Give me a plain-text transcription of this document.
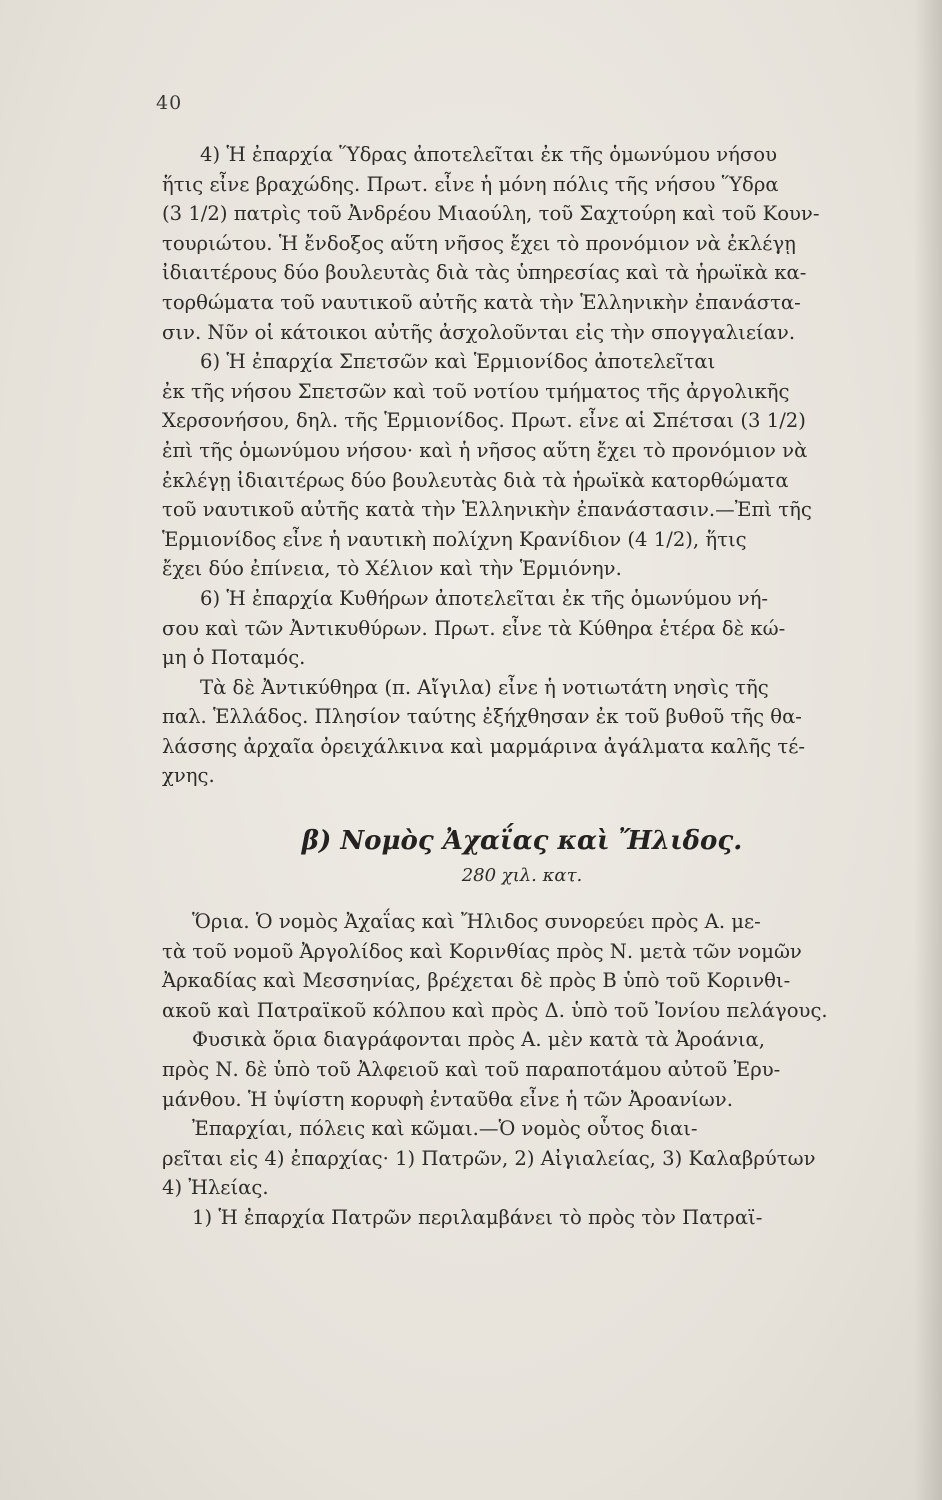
40
4) Ἡ ἐπαρχία Ὕδρας ἀποτελεῖται ἐκ τῆς ὁμωνύμου νήσου
ἥτις εἶνε βραχώδης. Πρωτ. εἶνε ἡ μόνη πόλις τῆς νήσου Ὕδρα
(3 1/2) πατρὶς τοῦ Ἀνδρέου Μιαούλη, τοῦ Σαχτούρη καὶ τοῦ Κουν-
τουριώτου. Ἡ ἔνδοξος αὕτη νῆσος ἔχει τὸ προνόμιον νὰ ἐκλέγῃ
ἰδιαιτέρους δύο βουλευτὰς διὰ τὰς ὑπηρεσίας καὶ τὰ ἡρωϊκὰ κα-
τορθώματα τοῦ ναυτικοῦ αὐτῆς κατὰ τὴν Ἑλληνικὴν ἐπανάστα-
σιν. Νῦν οἱ κάτοικοι αὐτῆς ἀσχολοῦνται εἰς τὴν σπογγαλιείαν.
6) Ἡ ἐπαρχία Σπετσῶν καὶ Ἑρμιονίδος ἀποτελεῖται
ἐκ τῆς νήσου Σπετσῶν καὶ τοῦ νοτίου τμήματος τῆς ἀργολικῆς
Χερσονήσου, δηλ. τῆς Ἑρμιονίδος. Πρωτ. εἶνε αἱ Σπέτσαι (3 1/2)
ἐπὶ τῆς ὁμωνύμου νήσου· καὶ ἡ νῆσος αὕτη ἔχει τὸ προνόμιον νὰ
ἐκλέγῃ ἰδιαιτέρως δύο βουλευτὰς διὰ τὰ ἡρωϊκὰ κατορθώματα
τοῦ ναυτικοῦ αὐτῆς κατὰ τὴν Ἑλληνικὴν ἐπανάστασιν.—Ἐπὶ τῆς
Ἑρμιονίδος εἶνε ἡ ναυτικὴ πολίχνη Κρανίδιον (4 1/2), ἥτις
ἔχει δύο ἐπίνεια, τὸ Χέλιον καὶ τὴν Ἑρμιόνην.
6) Ἡ ἐπαρχία Κυθήρων ἀποτελεῖται ἐκ τῆς ὁμωνύμου νή-
σου καὶ τῶν Ἀντικυθύρων. Πρωτ. εἶνε τὰ Κύθηρα ἑτέρα δὲ κώ-
μη ὁ Ποταμός.
Τὰ δὲ Ἀντικύθηρα (π. Αἴγιλα) εἶνε ἡ νοτιωτάτη νησὶς τῆς
παλ. Ἑλλάδος. Πλησίον ταύτης ἐξήχθησαν ἐκ τοῦ βυθοῦ τῆς θα-
λάσσης ἀρχαῖα ὀρειχάλκινα καὶ μαρμάρινα ἀγάλματα καλῆς τέ-
χνης.
β) Νομὸς Ἀχαΐας καὶ Ἤλιδος.
280 χιλ. κατ.
Ὅρια. Ὁ νομὸς Ἀχαΐας καὶ Ἤλιδος συνορεύει πρὸς Α. με-
τὰ τοῦ νομοῦ Ἀργολίδος καὶ Κορινθίας πρὸς Ν. μετὰ τῶν νομῶν
Ἀρκαδίας καὶ Μεσσηνίας, βρέχεται δὲ πρὸς Β ὑπὸ τοῦ Κορινθι-
ακοῦ καὶ Πατραϊκοῦ κόλπου καὶ πρὸς Δ. ὑπὸ τοῦ Ἰονίου πελάγους.
Φυσικὰ ὅρια διαγράφονται πρὸς Α. μὲν κατὰ τὰ Ἀροάνια,
πρὸς Ν. δὲ ὑπὸ τοῦ Ἀλφειοῦ καὶ τοῦ παραποτάμου αὐτοῦ Ἐρυ-
μάνθου. Ἡ ὑψίστη κορυφὴ ἐνταῦθα εἶνε ἡ τῶν Ἀροανίων.
Ἐπαρχίαι, πόλεις καὶ κῶμαι.—Ὁ νομὸς οὗτος διαι-
ρεῖται εἰς 4) ἐπαρχίας· 1) Πατρῶν, 2) Αἰγιαλείας, 3) Καλαβρύτων
4) Ἠλείας.
1) Ἡ ἐπαρχία Πατρῶν περιλαμβάνει τὸ πρὸς τὸν Πατραϊ-
